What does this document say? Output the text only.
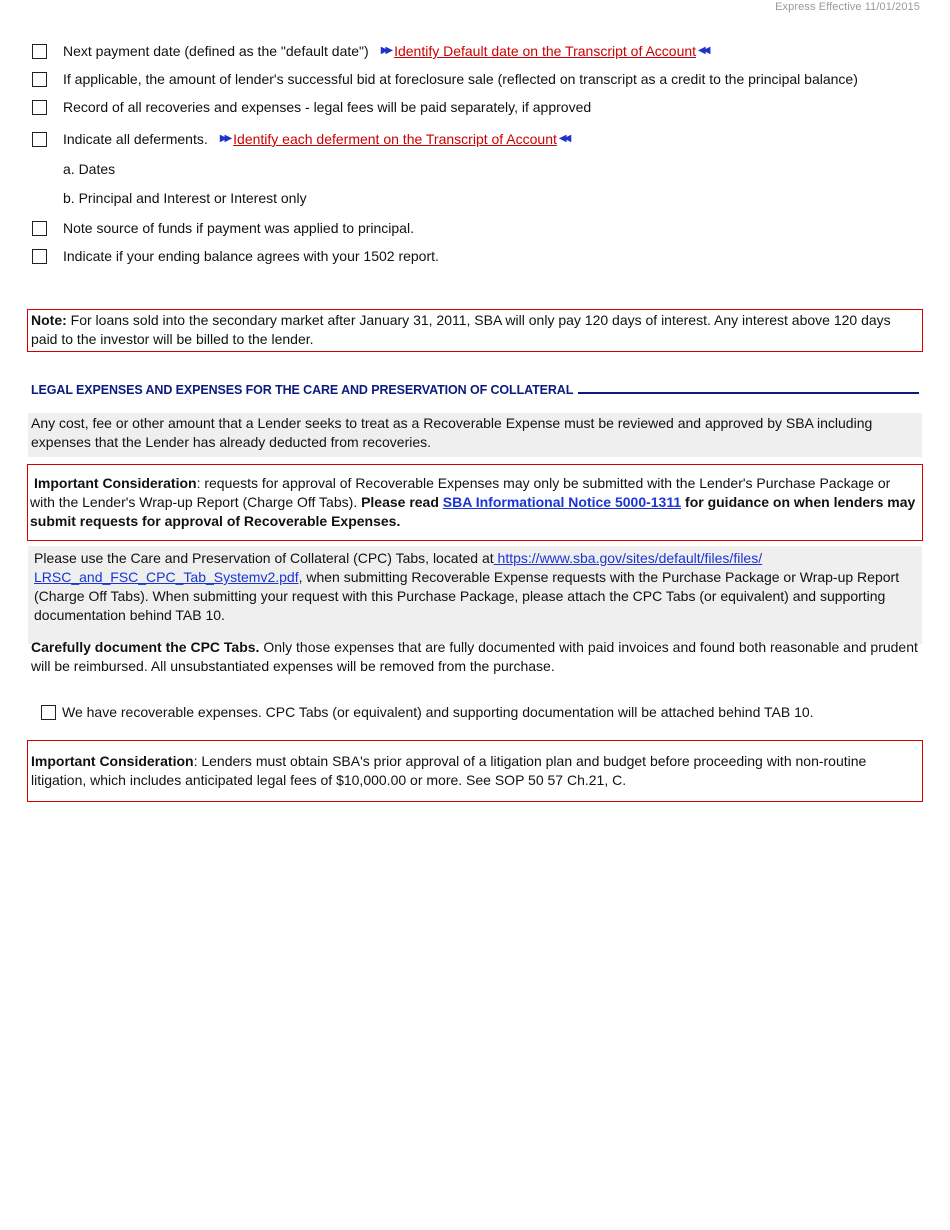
Express Effective 11/01/2015
Next payment date (defined as the "default date") ▶▶ Identify Default date on the Transcript of Account ◀◀
If applicable, the amount of lender's successful bid at foreclosure sale (reflected on transcript as a credit to the principal balance)
Record of all recoveries and expenses - legal fees will be paid separately, if approved
Indicate all deferments. ▶▶ Identify each deferment on the Transcript of Account ◀◀
a. Dates
b. Principal and Interest or Interest only
Note source of funds if payment was applied to principal.
Indicate if your ending balance agrees with your 1502 report.
Note: For loans sold into the secondary market after January 31, 2011, SBA will only pay 120 days of interest. Any interest above 120 days paid to the investor will be billed to the lender.
LEGAL EXPENSES AND EXPENSES FOR THE CARE AND PRESERVATION OF COLLATERAL
Any cost, fee or other amount that a Lender seeks to treat as a Recoverable Expense must be reviewed and approved by SBA including expenses that the Lender has already deducted from recoveries.
Important Consideration: requests for approval of Recoverable Expenses may only be submitted with the Lender's Purchase Package or with the Lender's Wrap-up Report (Charge Off Tabs). Please read SBA Informational Notice 5000-1311 for guidance on when lenders may submit requests for approval of Recoverable Expenses.
Please use the Care and Preservation of Collateral (CPC) Tabs, located at https://www.sba.gov/sites/default/files/files/
LRSC_and_FSC_CPC_Tab_Systemv2.pdf, when submitting Recoverable Expense requests with the Purchase Package or Wrap-up Report (Charge Off Tabs). When submitting your request with this Purchase Package, please attach the CPC Tabs (or equivalent) and supporting documentation behind TAB 10.
Carefully document the CPC Tabs. Only those expenses that are fully documented with paid invoices and found both reasonable and prudent will be reimbursed. All unsubstantiated expenses will be removed from the purchase.
We have recoverable expenses. CPC Tabs (or equivalent) and supporting documentation will be attached behind TAB 10.
Important Consideration: Lenders must obtain SBA's prior approval of a litigation plan and budget before proceeding with non-routine litigation, which includes anticipated legal fees of $10,000.00 or more. See SOP 50 57 Ch.21, C.
